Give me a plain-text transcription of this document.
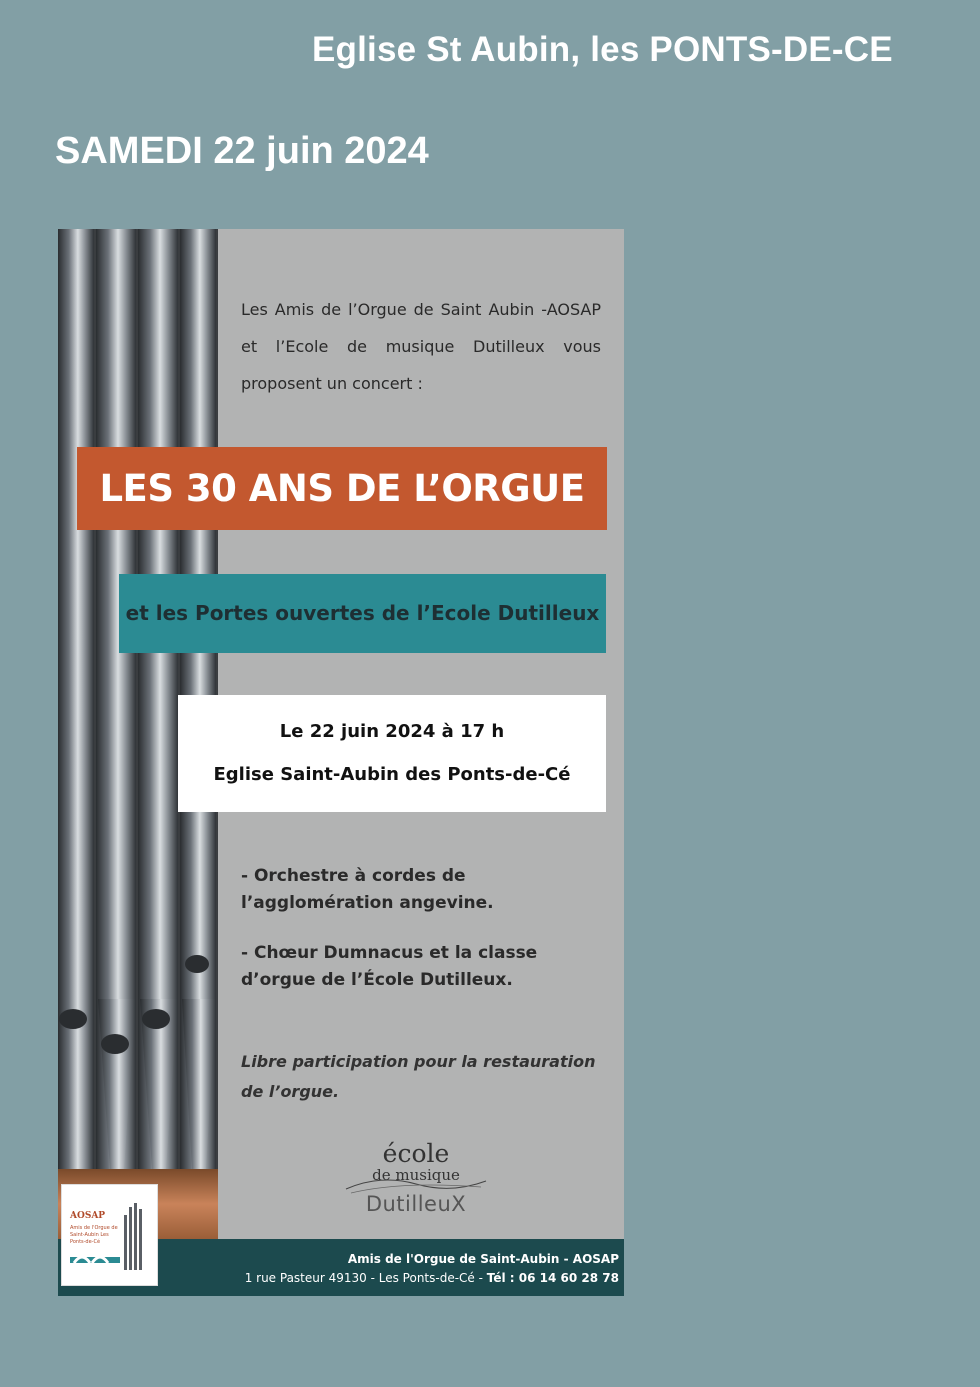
Eglise St Aubin, les PONTS-DE-CE
SAMEDI 22 juin 2024
Les Amis de l’Orgue de Saint Aubin -AOSAP et l’Ecole de musique Dutilleux vous proposent un concert :
LES 30 ANS DE L’ORGUE
et les Portes ouvertes de l’Ecole Dutilleux
Le 22 juin 2024 à 17 h
Eglise Saint-Aubin des Ponts-de-Cé

- Orchestre à cordes de l’agglomération angevine.

- Chœur Dumnacus et la classe d’orgue de l’École Dutilleux.

Libre participation pour la restauration de l’orgue.
école
de musique
DutilleuX
Amis de l'Orgue de Saint-Aubin - AOSAP
1 rue Pasteur 49130 - Les Ponts-de-Cé - Tél : 06 14 60 28 78
AOSAP
Amis de l'Orgue de Saint-Aubin Les Ponts-de-Cé
